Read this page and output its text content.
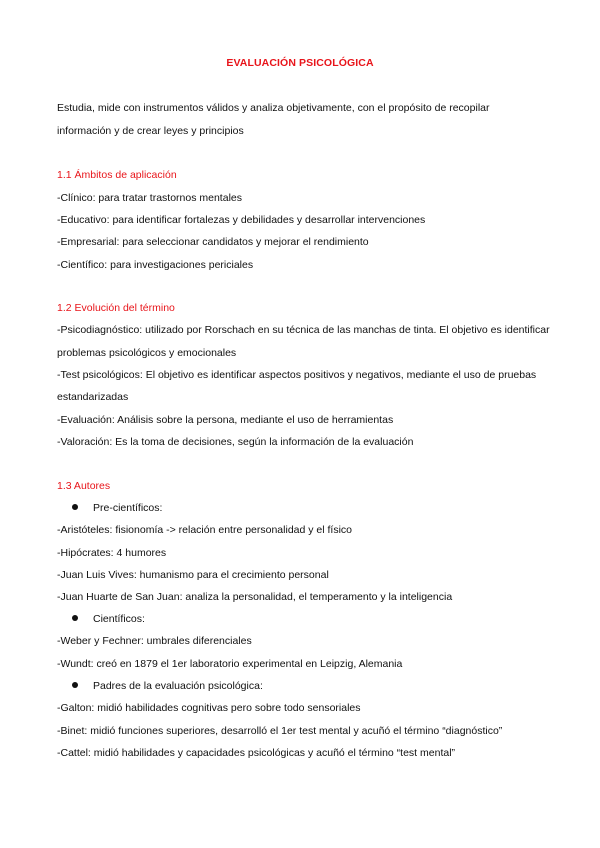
EVALUACIÓN PSICOLÓGICA
Estudia, mide con instrumentos válidos y analiza objetivamente, con el propósito de recopilar
información y de crear leyes y principios
1.1 Ámbitos de aplicación
-Clínico: para tratar trastornos mentales
-Educativo: para identificar fortalezas y debilidades y desarrollar intervenciones
-Empresarial: para seleccionar candidatos y mejorar el rendimiento
-Científico: para investigaciones periciales
1.2 Evolución del término
-Psicodiagnóstico: utilizado por Rorschach en su técnica de las manchas de tinta. El objetivo es identificar
problemas psicológicos y emocionales
-Test psicológicos: El objetivo es identificar aspectos positivos y negativos, mediante el uso de pruebas
estandarizadas
-Evaluación: Análisis sobre la persona, mediante el uso de herramientas
-Valoración: Es la toma de decisiones, según la información de la evaluación
1.3 Autores
Pre-científicos:
-Aristóteles: fisionomía -> relación entre personalidad y el físico
-Hipócrates: 4 humores
-Juan Luis Vives: humanismo para el crecimiento personal
-Juan Huarte de San Juan: analiza la personalidad, el temperamento y la inteligencia
Científicos:
-Weber y Fechner: umbrales diferenciales
-Wundt: creó en 1879 el 1er laboratorio experimental en Leipzig, Alemania
Padres de la evaluación psicológica:
-Galton: midió habilidades cognitivas pero sobre todo sensoriales
-Binet: midió funciones superiores, desarrolló el 1er test mental y acuñó el término “diagnóstico”
-Cattel: midió habilidades y capacidades psicológicas y acuñó el término “test mental”
